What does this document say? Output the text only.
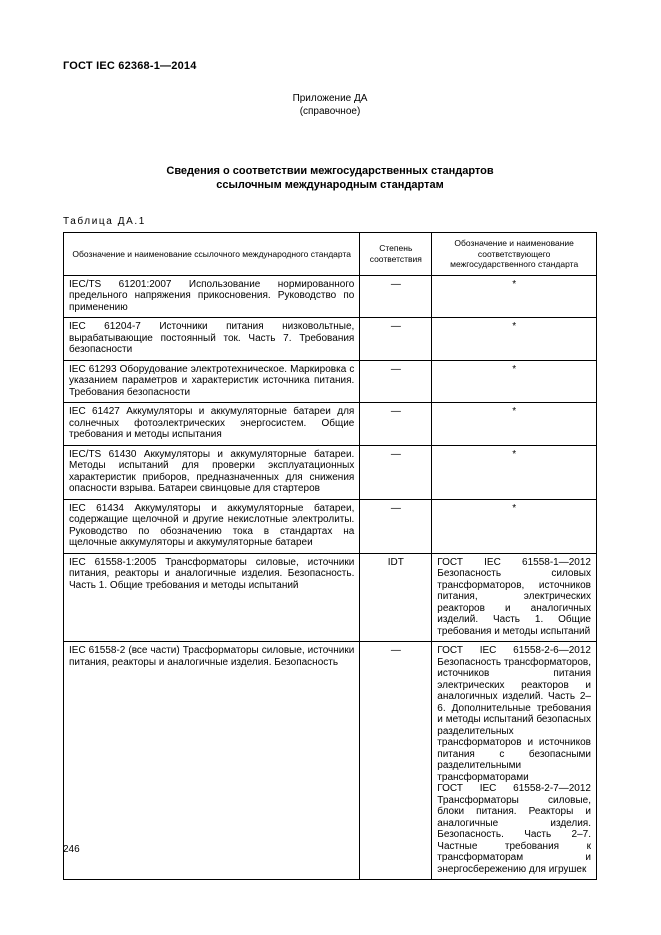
ГОСТ IEC 62368-1—2014
Приложение ДА
(справочное)
Сведения о соответствии межгосударственных стандартов
ссылочным международным стандартам
Таблица ДА.1
Обозначение и наименование ссылочного международного стандарта	Степень соответствия	Обозначение и наименование соответствующего межгосударственного стандарта
IEC/TS 61201:2007 Использование нормированного предельного напряжения прикосновения. Руководство по применению	—	*
IEC 61204-7 Источники питания низковольтные, вырабатывающие постоянный ток. Часть 7. Требования безопасности	—	*
IEC 61293 Оборудование электротехническое. Маркировка с указанием параметров и характеристик источника питания. Требования безопасности	—	*
IEC 61427 Аккумуляторы и аккумуляторные батареи для солнечных фотоэлектрических энергосистем. Общие требования и методы испытания	—	*
IEC/TS 61430 Аккумуляторы и аккумуляторные батареи. Методы испытаний для проверки эксплуатационных характеристик приборов, предназначенных для снижения опасности взрыва. Батареи свинцовые для стартеров	—	*
IEC 61434 Аккумуляторы и аккумуляторные батареи, содержащие щелочной и другие некислотные электролиты. Руководство по обозначению тока в стандартах на щелочные аккумуляторы и аккумуляторные батареи	—	*
IEC 61558-1:2005 Трансформаторы силовые, источники питания, реакторы и аналогичные изделия. Безопасность. Часть 1. Общие требования и методы испытаний	IDT	ГОСТ IEC 61558-1—2012 Безопасность силовых трансформаторов, источников питания, электрических реакторов и аналогичных изделий. Часть 1. Общие требования и методы испытаний
IEC 61558-2 (все части) Трасформаторы силовые, источники питания, реакторы и аналогичные изделия. Безопасность	—	ГОСТ IEC 61558-2-6—2012 Безопасность трансформаторов, источников питания электрических реакторов и аналогичных изделий. Часть 2–6. Дополнительные требования и методы испытаний безопасных разделительных трансформаторов и источников питания с безопасными разделительными трансформаторами
ГОСТ IEC 61558-2-7—2012 Трансформаторы силовые, блоки питания. Реакторы и аналогичные изделия. Безопасность. Часть 2–7. Частные требования к трансформаторам и энергосбережению для игрушек
246
